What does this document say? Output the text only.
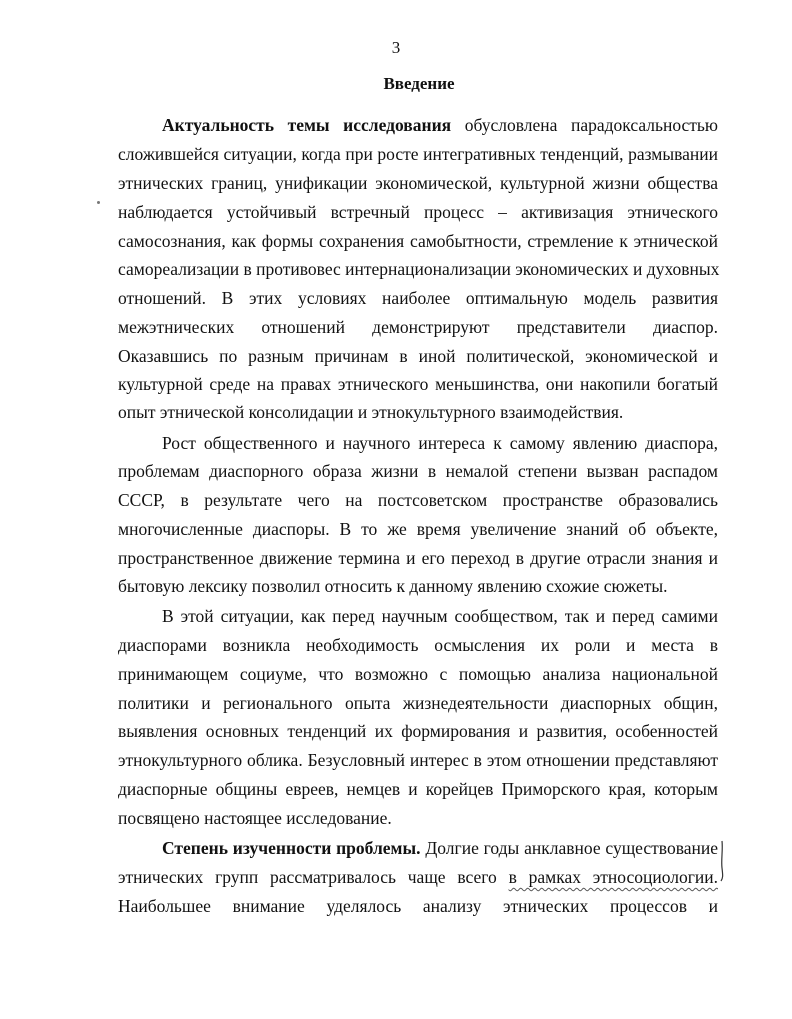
3
Введение
Актуальность темы исследования обусловлена парадоксальностью
сложившейся ситуации, когда при росте интегративных тенденций, размывании
этнических границ, унификации экономической, культурной жизни общества
наблюдается устойчивый встречный процесс – активизация этнического
самосознания, как формы сохранения самобытности, стремление к этнической
самореализации в противовес интернационализации экономических и духовных
отношений. В этих условиях наиболее оптимальную модель развития
межэтнических отношений демонстрируют представители диаспор.
Оказавшись по разным причинам в иной политической, экономической и
культурной среде на правах этнического меньшинства, они накопили богатый
опыт этнической консолидации и этнокультурного взаимодействия.
Рост общественного и научного интереса к самому явлению диаспора,
проблемам диаспорного образа жизни в немалой степени вызван распадом
СССР, в результате чего на постсоветском пространстве образовались
многочисленные диаспоры. В то же время увеличение знаний об объекте,
пространственное движение термина и его переход в другие отрасли знания и
бытовую лексику позволил относить к данному явлению схожие сюжеты.
В этой ситуации, как перед научным сообществом, так и перед самими
диаспорами возникла необходимость осмысления их роли и места в
принимающем социуме, что возможно с помощью анализа национальной
политики и регионального опыта жизнедеятельности диаспорных общин,
выявления основных тенденций их формирования и развития, особенностей
этнокультурного облика. Безусловный интерес в этом отношении представляют
диаспорные общины евреев, немцев и корейцев Приморского края, которым
посвящено настоящее исследование.
Степень изученности проблемы. Долгие годы анклавное существование
этнических групп рассматривалось чаще всего в рамках этносоциологии.
Наибольшее внимание уделялось анализу этнических процессов и
